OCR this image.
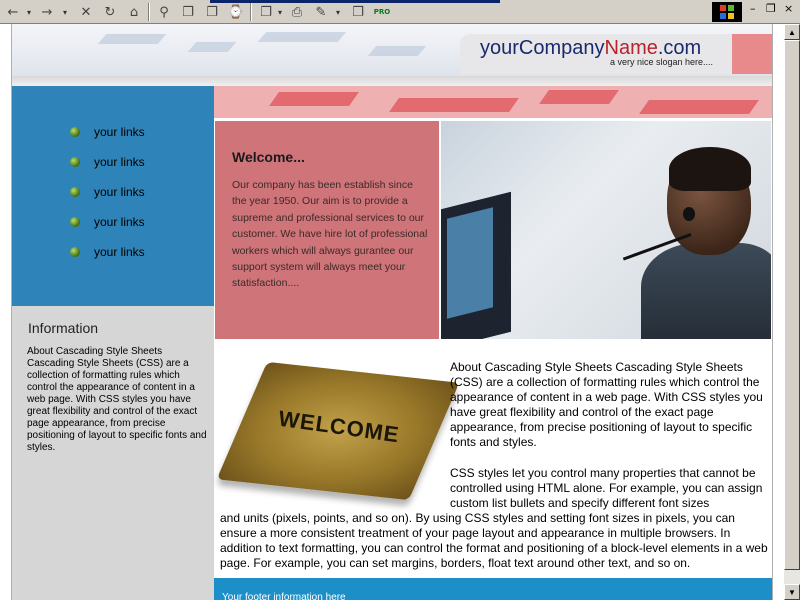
←	▾ →	▾	✕	↻	⌂	⚲	❐ ❐ ⌚	❐ ▾ ⎙	✎	▾ ❐	PRO	– ❐ ×
yourCompanyName.com
a very nice slogan here....
your links
your links
your links
your links
your links
Information
About Cascading Style Sheets Cascading Style Sheets (CSS) are a collection of formatting rules which control the appearance of content in a web page. With CSS styles you have great flexibility and control of the exact page appearance, from precise positioning of layout to specific fonts and styles.
Welcome...
Our company has been establish since the year 1950. Our aim is to provide a supreme and professional services to our customer. We have hire lot of professional workers which will always gurantee our support system will always meet your statisfaction....
WELCOME
About Cascading Style Sheets Cascading Style Sheets (CSS) are a collection of formatting rules which control the appearance of content in a web page. With CSS styles you have great flexibility and control of the exact page appearance, from precise positioning of layout to specific fonts and styles.
CSS styles let you control many properties that cannot be controlled using HTML alone. For example, you can assign custom list bullets and specify different font sizes
and units (pixels, points, and so on). By using CSS styles and setting font sizes in pixels, you can ensure a more consistent treatment of your page layout and appearance in multiple browsers. In addition to text formatting, you can control the format and positioning of a block-level elements in a web page. For example, you can set margins, borders, float text around other text, and so on.
Your footer information here
▲
▼
